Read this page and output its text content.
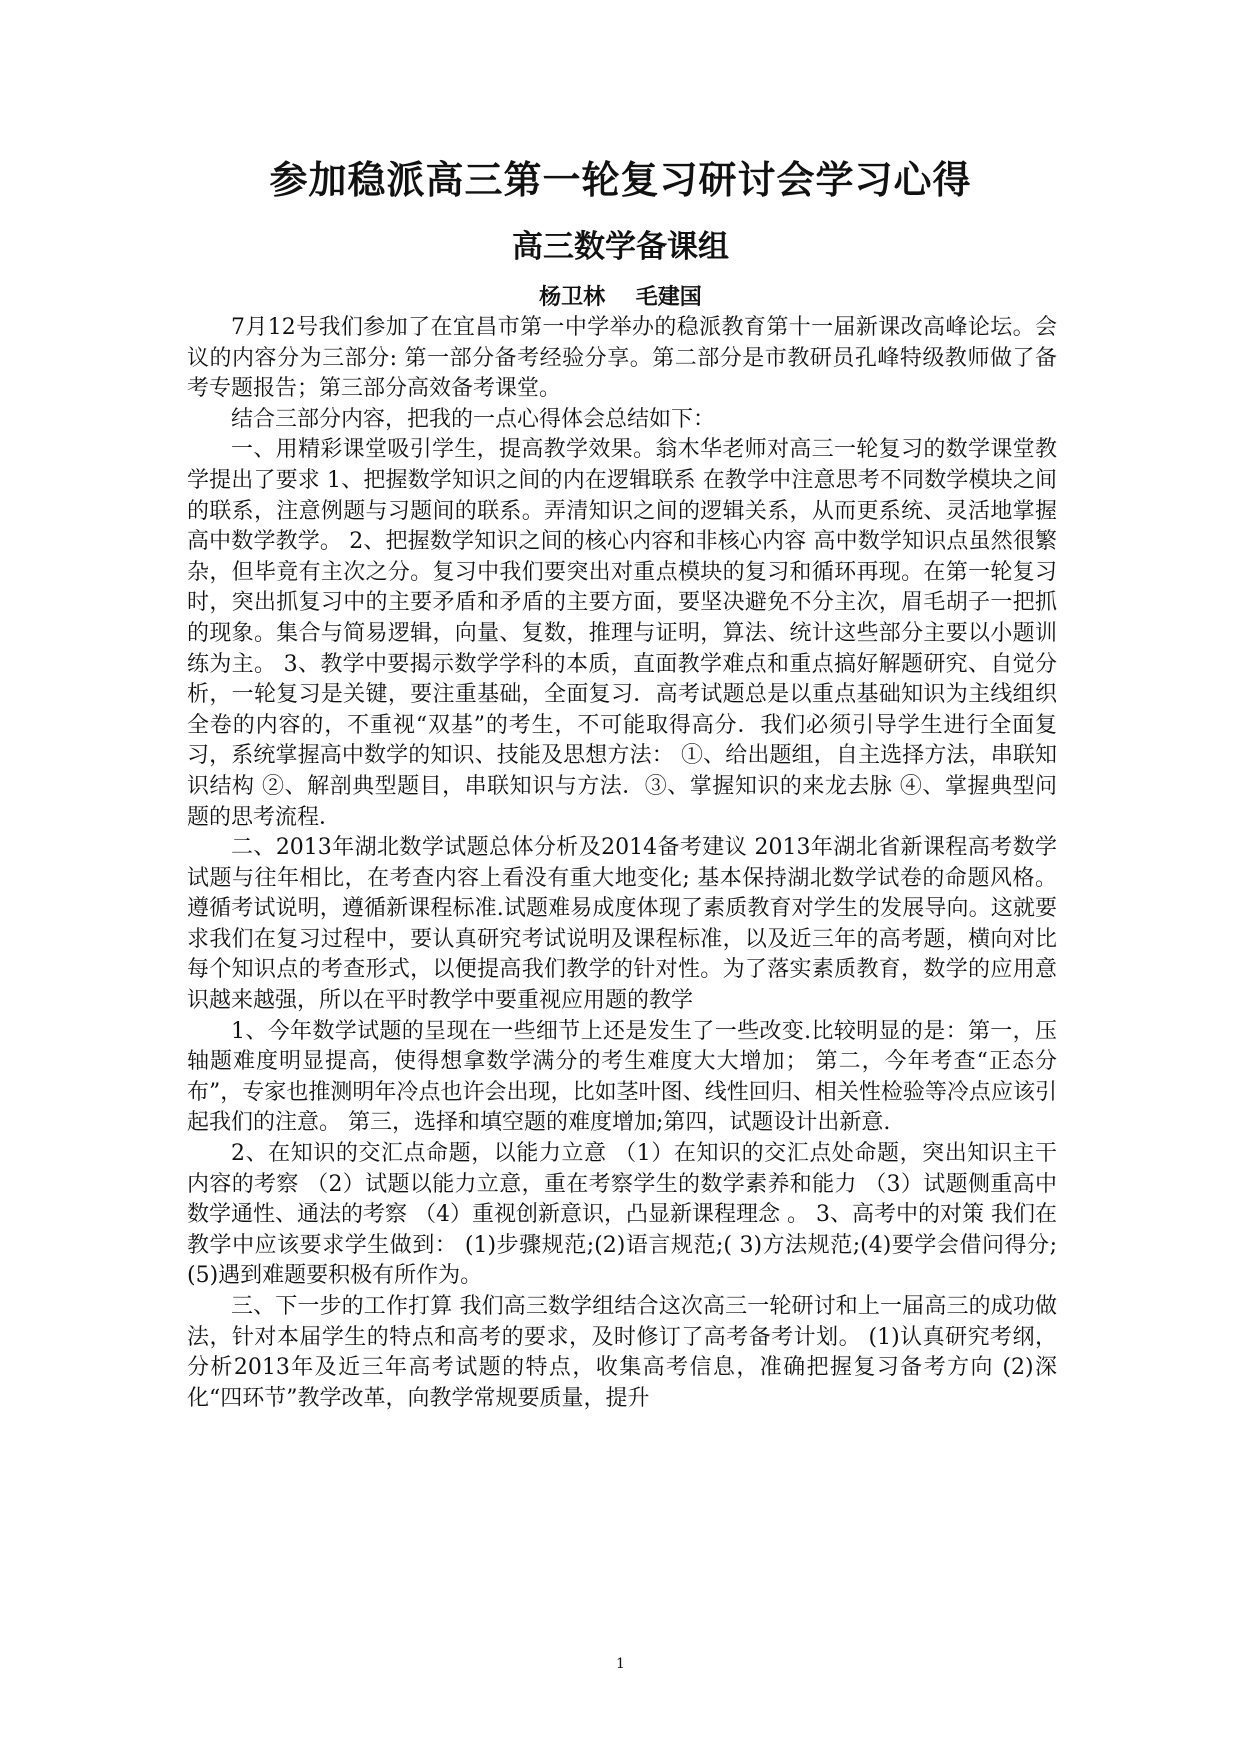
参加稳派高三第一轮复习研讨会学习心得
高三数学备课组
杨卫林    毛建国

7月12号我们参加了在宜昌市第一中学举办的稳派教育第十一届新课改高峰论坛。会议的内容分为三部分: 第一部分备考经验分享。第二部分是市教研员孔峰特级教师做了备考专题报告；第三部分高效备考课堂。

结合三部分内容，把我的一点心得体会总结如下：

一、用精彩课堂吸引学生，提高教学效果。翁木华老师对高三一轮复习的数学课堂教学提出了要求 1、把握数学知识之间的内在逻辑联系 在教学中注意思考不同数学模块之间的联系，注意例题与习题间的联系。弄清知识之间的逻辑关系，从而更系统、灵活地掌握高中数学教学。 2、把握数学知识之间的核心内容和非核心内容 高中数学知识点虽然很繁杂，但毕竟有主次之分。复习中我们要突出对重点模块的复习和循环再现。在第一轮复习时，突出抓复习中的主要矛盾和矛盾的主要方面，要坚决避免不分主次，眉毛胡子一把抓的现象。集合与简易逻辑，向量、复数，推理与证明，算法、统计这些部分主要以小题训练为主。 3、教学中要揭示数学学科的本质，直面教学难点和重点搞好解题研究、自觉分析，一轮复习是关键，要注重基础，全面复习．高考试题总是以重点基础知识为主线组织全卷的内容的，不重视“双基”的考生，不可能取得高分．我们必须引导学生进行全面复习，系统掌握高中数学的知识、技能及思想方法： ①、给出题组，自主选择方法，串联知识结构 ②、解剖典型题目，串联知识与方法．③、掌握知识的来龙去脉 ④、掌握典型问题的思考流程．

二、2013年湖北数学试题总体分析及2014备考建议 2013年湖北省新课程高考数学试题与往年相比，在考查内容上看没有重大地变化; 基本保持湖北数学试卷的命题风格。遵循考试说明，遵循新课程标准.试题难易成度体现了素质教育对学生的发展导向。这就要求我们在复习过程中，要认真研究考试说明及课程标准，以及近三年的高考题，横向对比每个知识点的考查形式，以便提高我们教学的针对性。为了落实素质教育，数学的应用意识越来越强，所以在平时教学中要重视应用题的教学

1、今年数学试题的呈现在一些细节上还是发生了一些改变.比较明显的是：第一，压轴题难度明显提高，使得想拿数学满分的考生难度大大增加； 第二，今年考查“正态分布”，专家也推测明年冷点也许会出现，比如茎叶图、线性回归、相关性检验等冷点应该引起我们的注意。 第三，选择和填空题的难度增加;第四，试题设计出新意.

2、在知识的交汇点命题，以能力立意 （1）在知识的交汇点处命题，突出知识主干内容的考察 （2）试题以能力立意，重在考察学生的数学素养和能力 （3）试题侧重高中数学通性、通法的考察 （4）重视创新意识，凸显新课程理念 。 3、高考中的对策 我们在教学中应该要求学生做到： (1)步骤规范;(2)语言规范;( 3)方法规范;(4)要学会借问得分; (5)遇到难题要积极有所作为。

三、下一步的工作打算 我们高三数学组结合这次高三一轮研讨和上一届高三的成功做法，针对本届学生的特点和高考的要求，及时修订了高考备考计划。 (1)认真研究考纲，分析2013年及近三年高考试题的特点，收集高考信息，准确把握复习备考方向 (2)深化“四环节”教学改革，向教学常规要质量，提升

1
